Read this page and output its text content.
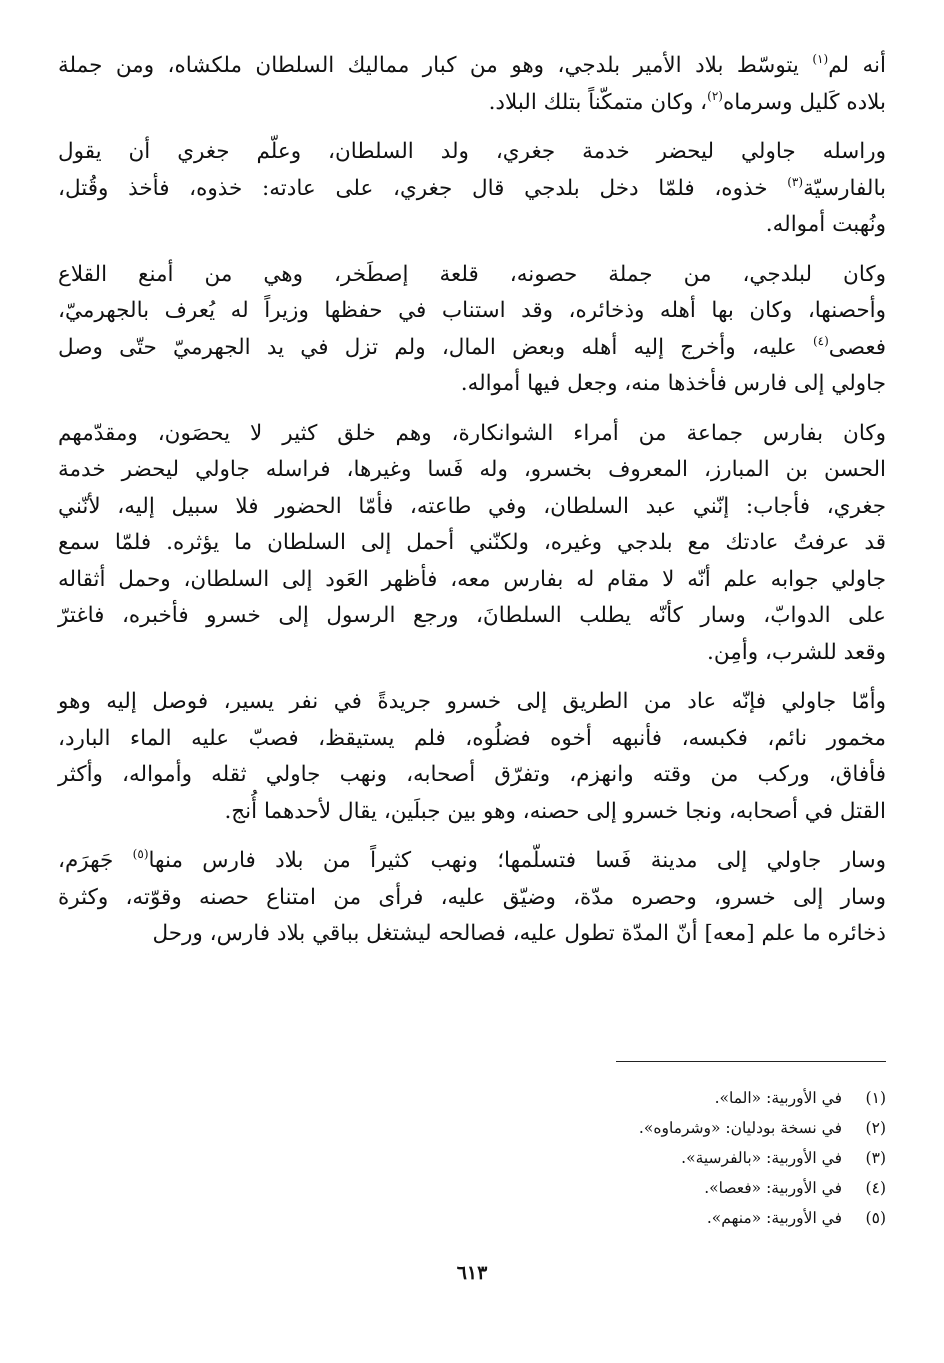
أنه لم$^{(١)}$ يتوسّط بلاد الأمير بلدجي، وهو من كبار مماليك السلطان ملكشاه، ومن جملة
بلاده كَليل وسرماه$^{(٢)}$، وكان متمكّناً بتلك البلاد.

وراسله جاولي ليحضر خدمة جغري، ولد السلطان، وعلّم جغري أن يقول
بالفارسيّة$^{(٣)}$ خذوه، فلمّا دخل بلدجي قال جغري، على عادته: خذوه، فأخذ وقُتل،
ونُهبت أمواله.

وكان لبلدجي، من جملة حصونه، قلعة إصطَخر، وهي من أمنع القلاع
وأحصنها، وكان بها أهله وذخائره، وقد استناب في حفظها وزيراً له يُعرف بالجهرميّ،
فعصى$^{(٤)}$ عليه، وأخرج إليه أهله وبعض المال، ولم تزل في يد الجهرميّ حتّى وصل
جاولي إلى فارس فأخذها منه، وجعل فيها أمواله.

وكان بفارس جماعة من أمراء الشوانكارة، وهم خلق كثير لا يحصَون، ومقدّمهم
الحسن بن المبارز، المعروف بخسرو، وله فَسا وغيرها، فراسله جاولي ليحضر خدمة
جغري، فأجاب: إنّني عبد السلطان، وفي طاعته، فأمّا الحضور فلا سبيل إليه، لأنّني
قد عرفتُ عادتك مع بلدجي وغيره، ولكنّني أحمل إلى السلطان ما يؤثره. فلمّا سمع
جاولي جوابه علم أنّه لا مقام له بفارس معه، فأظهر العَود إلى السلطان، وحمل أثقاله
على الدوابّ، وسار كأنّه يطلب السلطانَ، ورجع الرسول إلى خسرو فأخبره، فاغترّ
وقعد للشرب، وأمِن.

وأمّا جاولي فإنّه عاد من الطريق إلى خسرو جريدةً في نفر يسير، فوصل إليه وهو
مخمور نائم، فكبسه، فأنبهه أخوه فضلُوه، فلم يستيقظ، فصبّ عليه الماء البارد،
فأفاق، وركب من وقته وانهزم، وتفرّق أصحابه، ونهب جاولي ثقله وأمواله، وأكثر
القتل في أصحابه، ونجا خسرو إلى حصنه، وهو بين جبلَين، يقال لأحدهما أُنج.

وسار جاولي إلى مدينة فَسا فتسلّمها؛ ونهب كثيراً من بلاد فارس منها$^{(٥)}$ جَهرَم،
وسار إلى خسرو، وحصره مدّة، وضيّق عليه، فرأى من امتناع حصنه وقوّته، وكثرة
ذخائره ما علم [معه] أنّ المدّة تطول عليه، فصالحه ليشتغل بباقي بلاد فارس، ورحل

(١)في الأوربية: «الما».
(٢)في نسخة بودليان: «وشرماوه».
(٣)في الأوربية: «بالفرسية».
(٤)في الأوربية: «فعصا».
(٥)في الأوربية: «منهم».
٦١٣
